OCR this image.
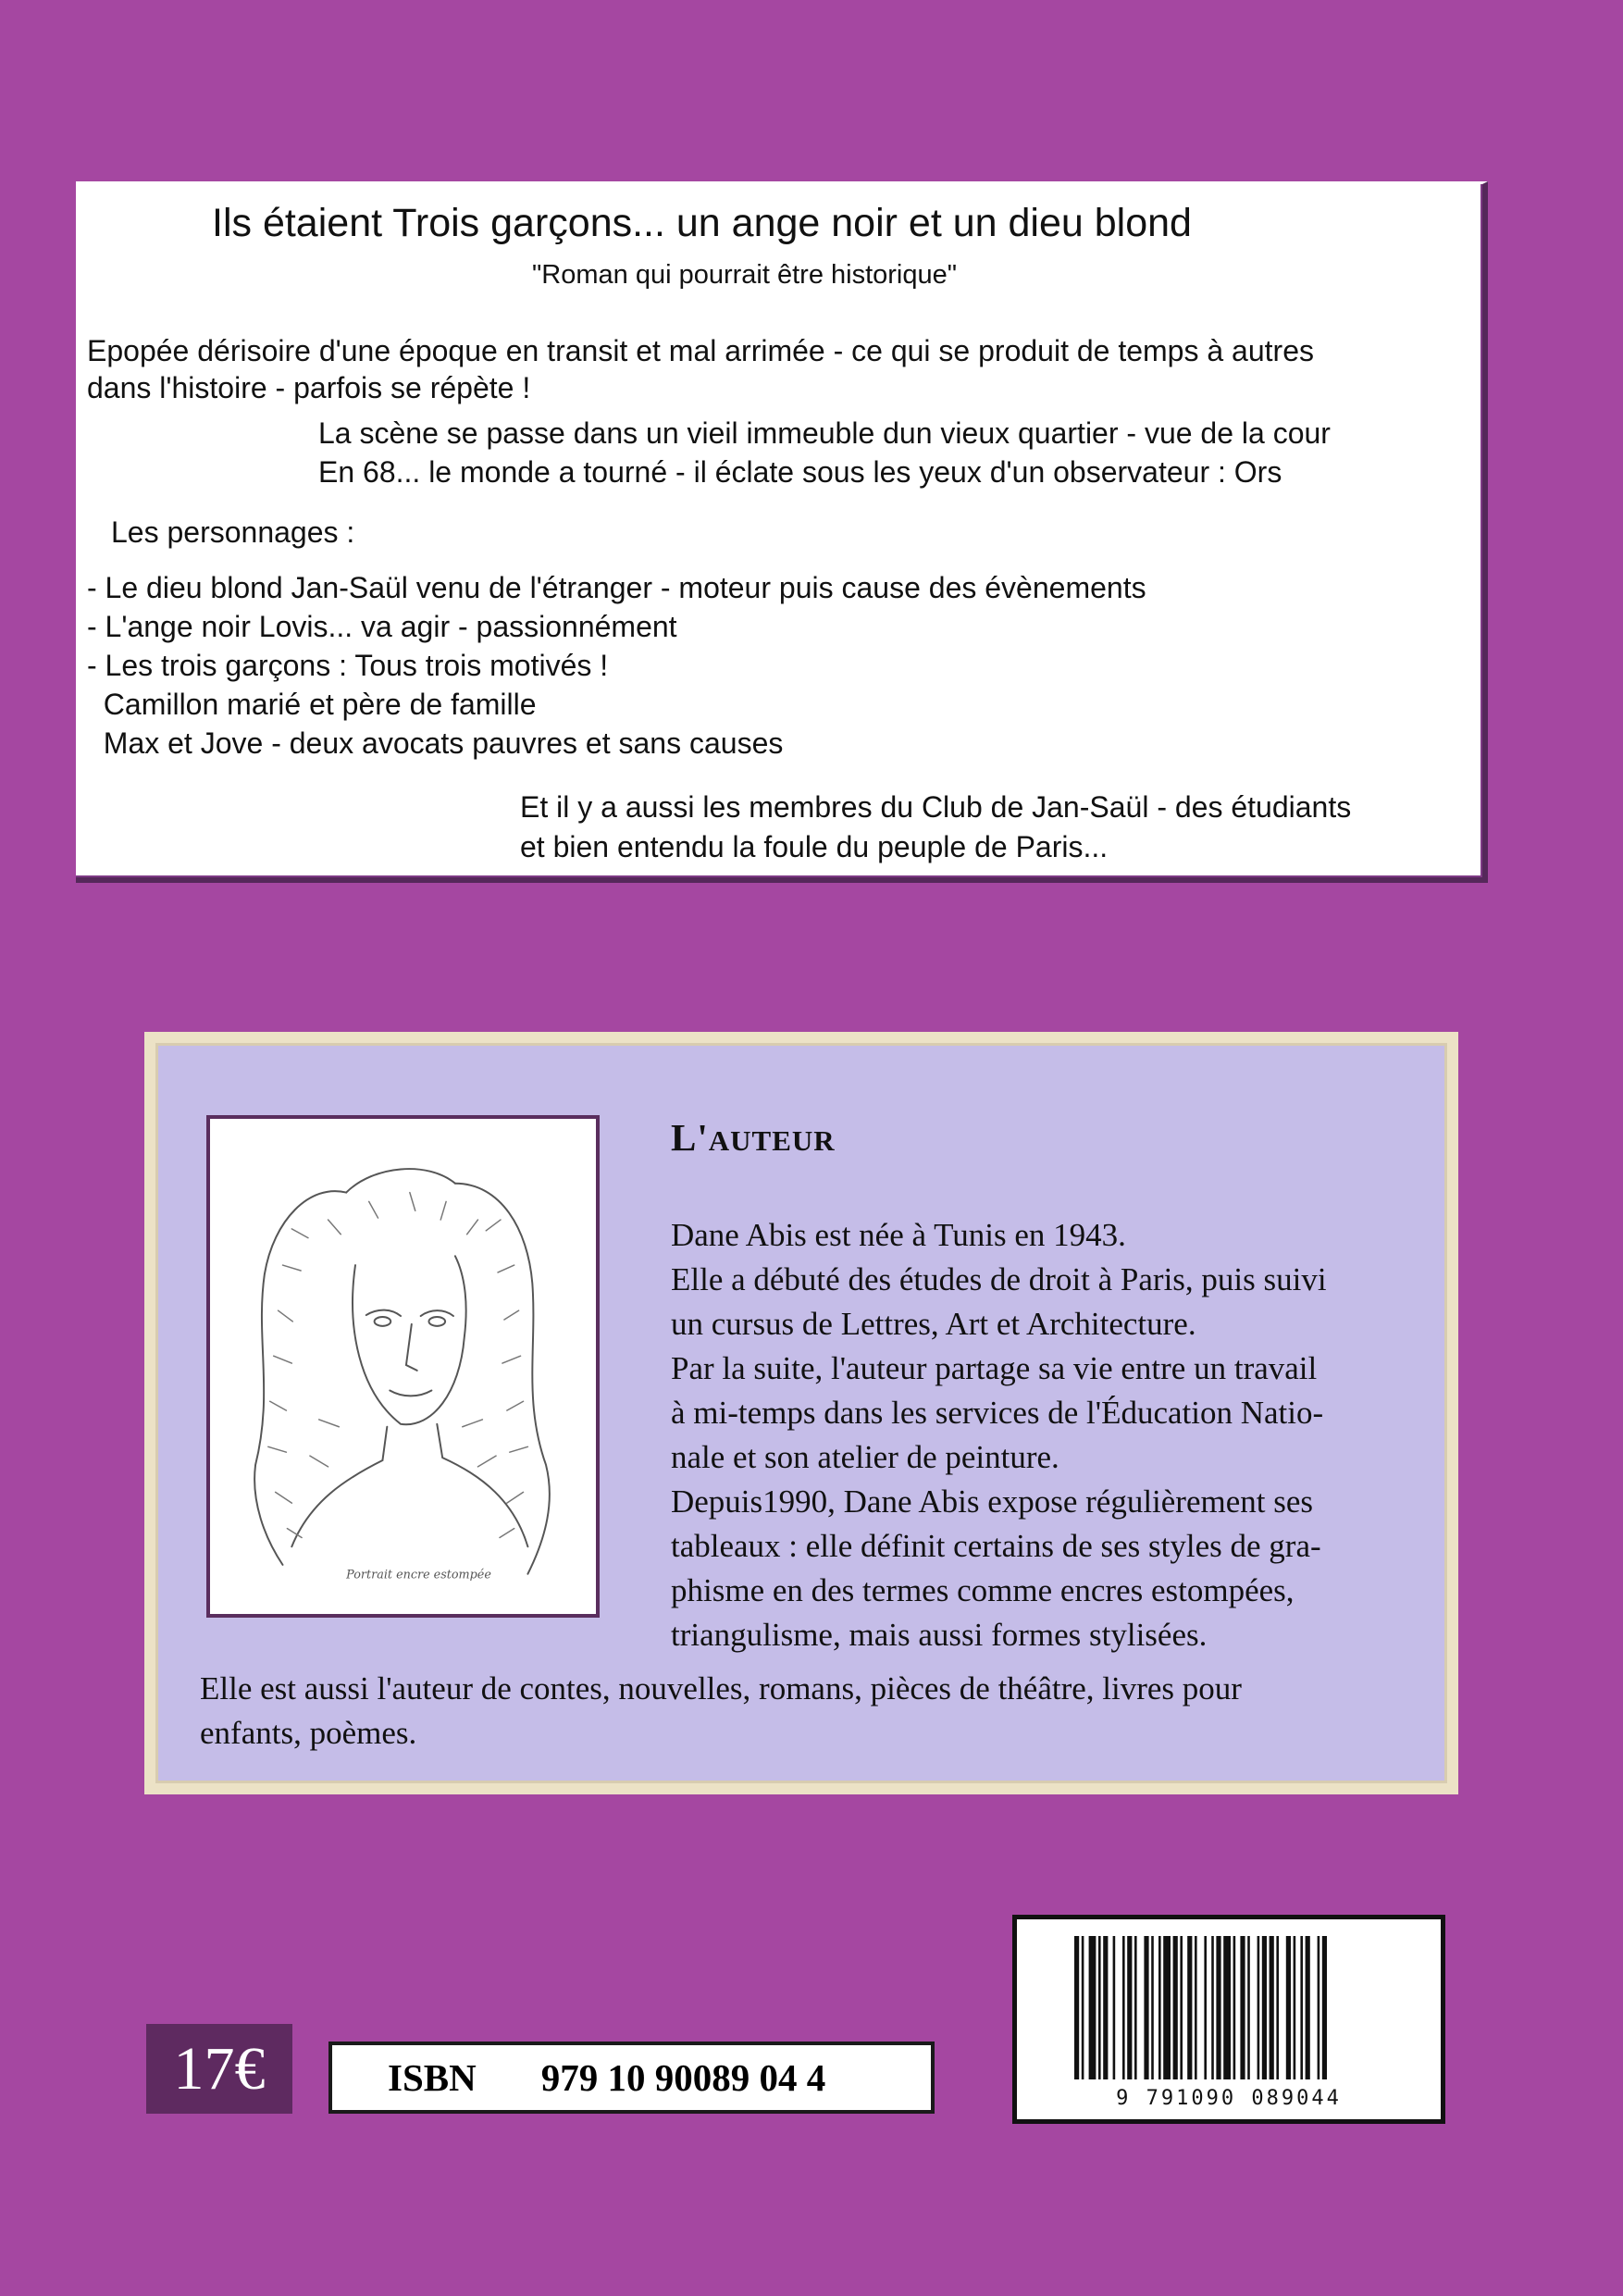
Ils étaient Trois garçons... un ange noir et un dieu blond
"Roman qui pourrait être historique"
Epopée dérisoire d'une époque en transit et mal arrimée - ce qui se produit de temps à autres
dans l'histoire - parfois se répète !
La scène se passe dans un vieil immeuble dun vieux quartier - vue de la cour
En 68... le monde a tourné - il éclate sous les yeux d'un observateur : Ors
Les personnages :
- Le dieu blond Jan-Saül venu de l'étranger - moteur puis cause des évènements
- L'ange noir Lovis... va agir - passionnément
- Les trois garçons : Tous trois motivés !
Camillon marié et père de famille
Max et Jove - deux avocats pauvres et sans causes
Et il y a aussi les membres du Club de Jan-Saül - des étudiants
et bien entendu la foule du peuple de Paris...
Portrait encre estompée
L'AUTEUR
Dane Abis est née à Tunis en 1943.
Elle a débuté des études de droit à Paris, puis suivi
un cursus de Lettres, Art et Architecture.
Par la suite, l'auteur partage sa vie entre un travail
à mi-temps dans les services de l'Éducation Natio-
nale et son atelier de peinture.
Depuis1990, Dane Abis expose régulièrement ses
tableaux : elle définit certains de ses styles de gra-
phisme en des termes comme encres estompées,
triangulisme, mais aussi formes stylisées.
Elle est aussi l'auteur de contes, nouvelles, romans, pièces de théâtre, livres pour
enfants, poèmes.
17€	ISBN 979 10 90089 04 4	9 791090 089044
